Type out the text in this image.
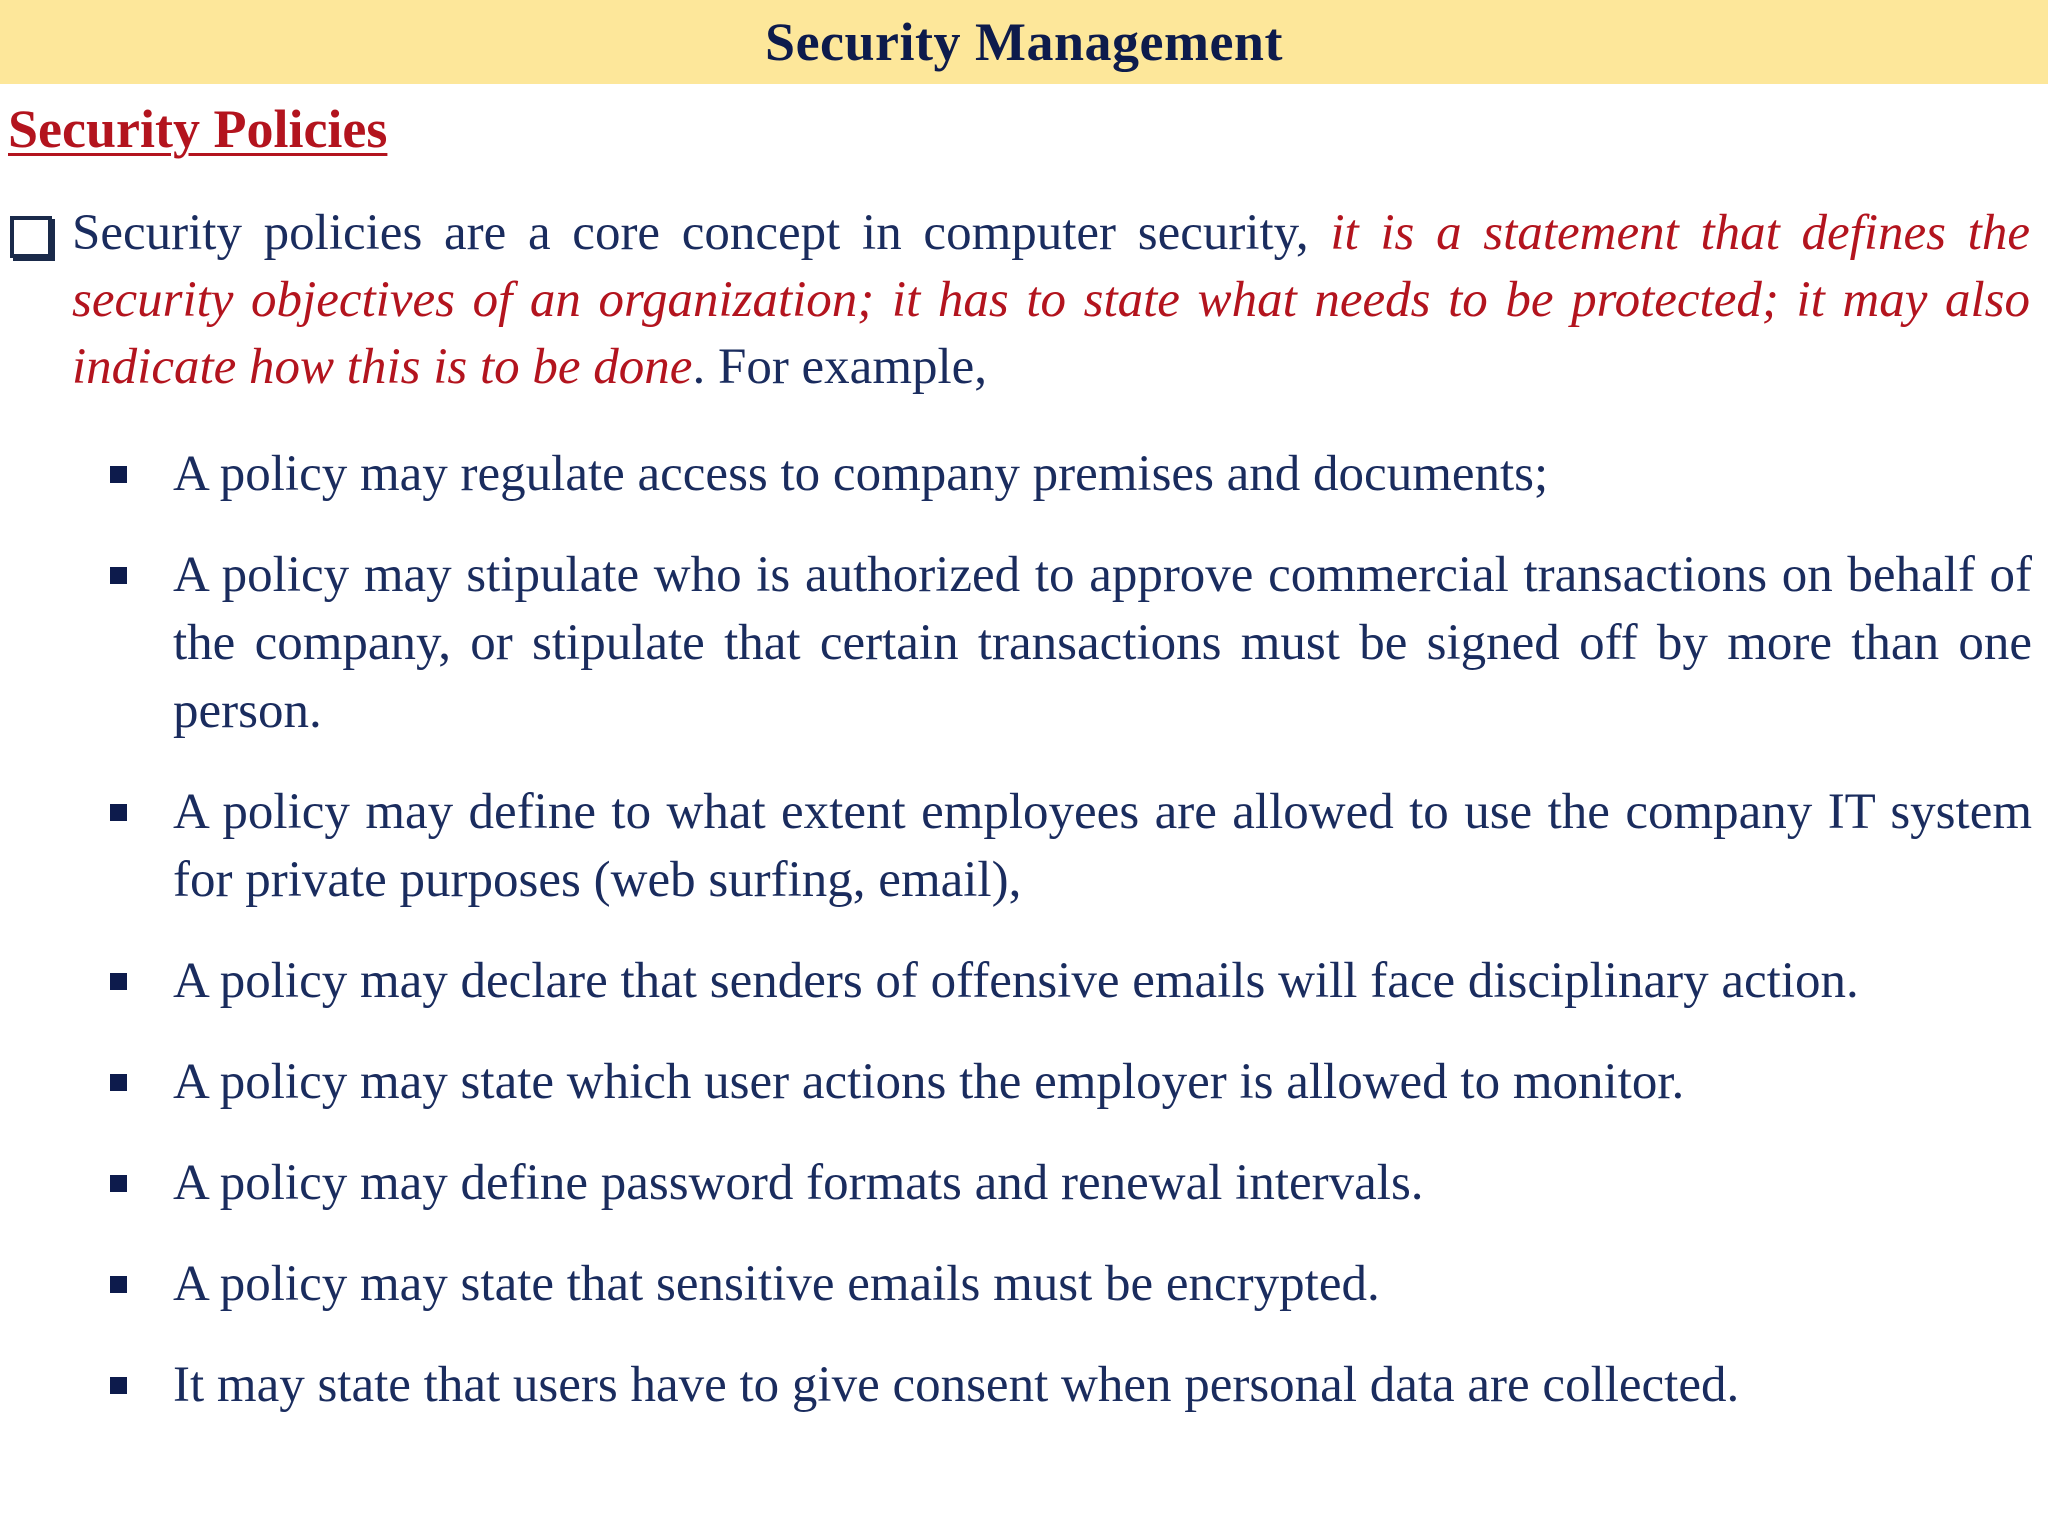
Security Management
Security Policies
Security policies are a core concept in computer security, it is a statement that defines the security objectives of an organization; it has to state what needs to be protected; it may also indicate how this is to be done. For example,
A policy may regulate access to company premises and documents;
A policy may stipulate who is authorized to approve commercial transactions on behalf of the company, or stipulate that certain transactions must be signed off by more than one person.
A policy may define to what extent employees are allowed to use the company IT system for private purposes (web surfing, email),
A policy may declare that senders of offensive emails will face disciplinary action.
A policy may state which user actions the employer is allowed to monitor.
A policy may define password formats and renewal intervals.
A policy may state that sensitive emails must be encrypted.
It may state that users have to give consent when personal data are collected.
